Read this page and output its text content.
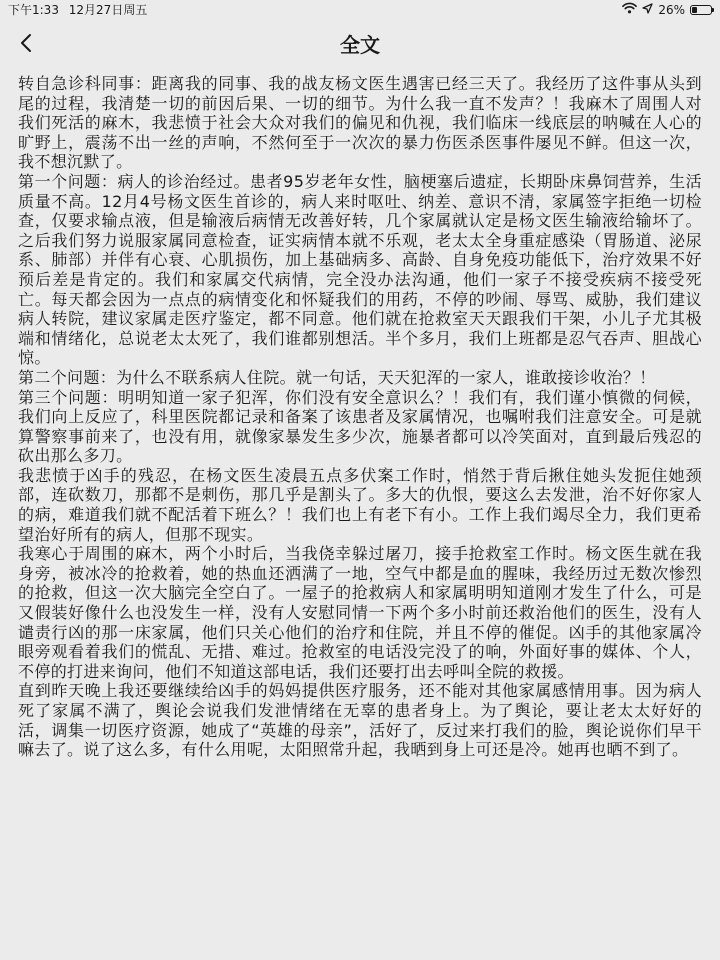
下午1:33 12月27日周五	26%
全文

转自急诊科同事：距离我的同事、我的战友杨文医生遇害已经三天了。我经历了这件事从头到尾的过程，我清楚一切的前因后果、一切的细节。为什么我一直不发声？！我麻木了周围人对我们死活的麻木，我悲愤于社会大众对我们的偏见和仇视，我们临床一线底层的呐喊在人心的旷野上，震荡不出一丝的声响，不然何至于一次次的暴力伤医杀医事件屡见不鲜。但这一次，我不想沉默了。

第一个问题：病人的诊治经过。患者95岁老年女性，脑梗塞后遗症，长期卧床鼻饲营养，生活质量不高。12月4号杨文医生首诊的，病人来时呕吐、纳差、意识不清，家属签字拒绝一切检查，仅要求输点液，但是输液后病情无改善好转，几个家属就认定是杨文医生输液给输坏了。之后我们努力说服家属同意检查，证实病情本就不乐观，老太太全身重症感染（胃肠道、泌尿系、肺部）并伴有心衰、心肌损伤，加上基础病多、高龄、自身免疫功能低下，治疗效果不好预后差是肯定的。我们和家属交代病情，完全没办法沟通，他们一家子不接受疾病不接受死亡。每天都会因为一点点的病情变化和怀疑我们的用药，不停的吵闹、辱骂、威胁，我们建议病人转院，建议家属走医疗鉴定，都不同意。他们就在抢救室天天跟我们干架，小儿子尤其极端和情绪化，总说老太太死了，我们谁都别想活。半个多月，我们上班都是忍气吞声、胆战心惊。

第二个问题：为什么不联系病人住院。就一句话，天天犯浑的一家人，谁敢接诊收治？！

第三个问题：明明知道一家子犯浑，你们没有安全意识么？！我们有，我们谨小慎微的伺候，我们向上反应了，科里医院都记录和备案了该患者及家属情况，也嘱咐我们注意安全。可是就算警察事前来了，也没有用，就像家暴发生多少次，施暴者都可以冷笑面对，直到最后残忍的砍出那么多刀。

我悲愤于凶手的残忍，在杨文医生凌晨五点多伏案工作时，悄然于背后揪住她头发扼住她颈部，连砍数刀，那都不是刺伤，那几乎是割头了。多大的仇恨，要这么去发泄，治不好你家人的病，难道我们就不配活着下班么？！我们也上有老下有小。工作上我们竭尽全力，我们更希望治好所有的病人，但那不现实。

我寒心于周围的麻木，两个小时后，当我侥幸躲过屠刀，接手抢救室工作时。杨文医生就在我身旁，被冰冷的抢救着，她的热血还洒满了一地，空气中都是血的腥味，我经历过无数次惨烈的抢救，但这一次大脑完全空白了。一屋子的抢救病人和家属明明知道刚才发生了什么，可是又假装好像什么也没发生一样，没有人安慰同情一下两个多小时前还救治他们的医生，没有人谴责行凶的那一床家属，他们只关心他们的治疗和住院，并且不停的催促。凶手的其他家属冷眼旁观看着我们的慌乱、无措、难过。抢救室的电话没完没了的响，外面好事的媒体、个人，不停的打进来询问，他们不知道这部电话，我们还要打出去呼叫全院的救援。

直到昨天晚上我还要继续给凶手的妈妈提供医疗服务，还不能对其他家属感情用事。因为病人死了家属不满了，舆论会说我们发泄情绪在无辜的患者身上。为了舆论，要让老太太好好的活，调集一切医疗资源，她成了“英雄的母亲”，活好了，反过来打我们的脸，舆论说你们早干嘛去了。说了这么多，有什么用呢，太阳照常升起，我晒到身上可还是冷。她再也晒不到了。
